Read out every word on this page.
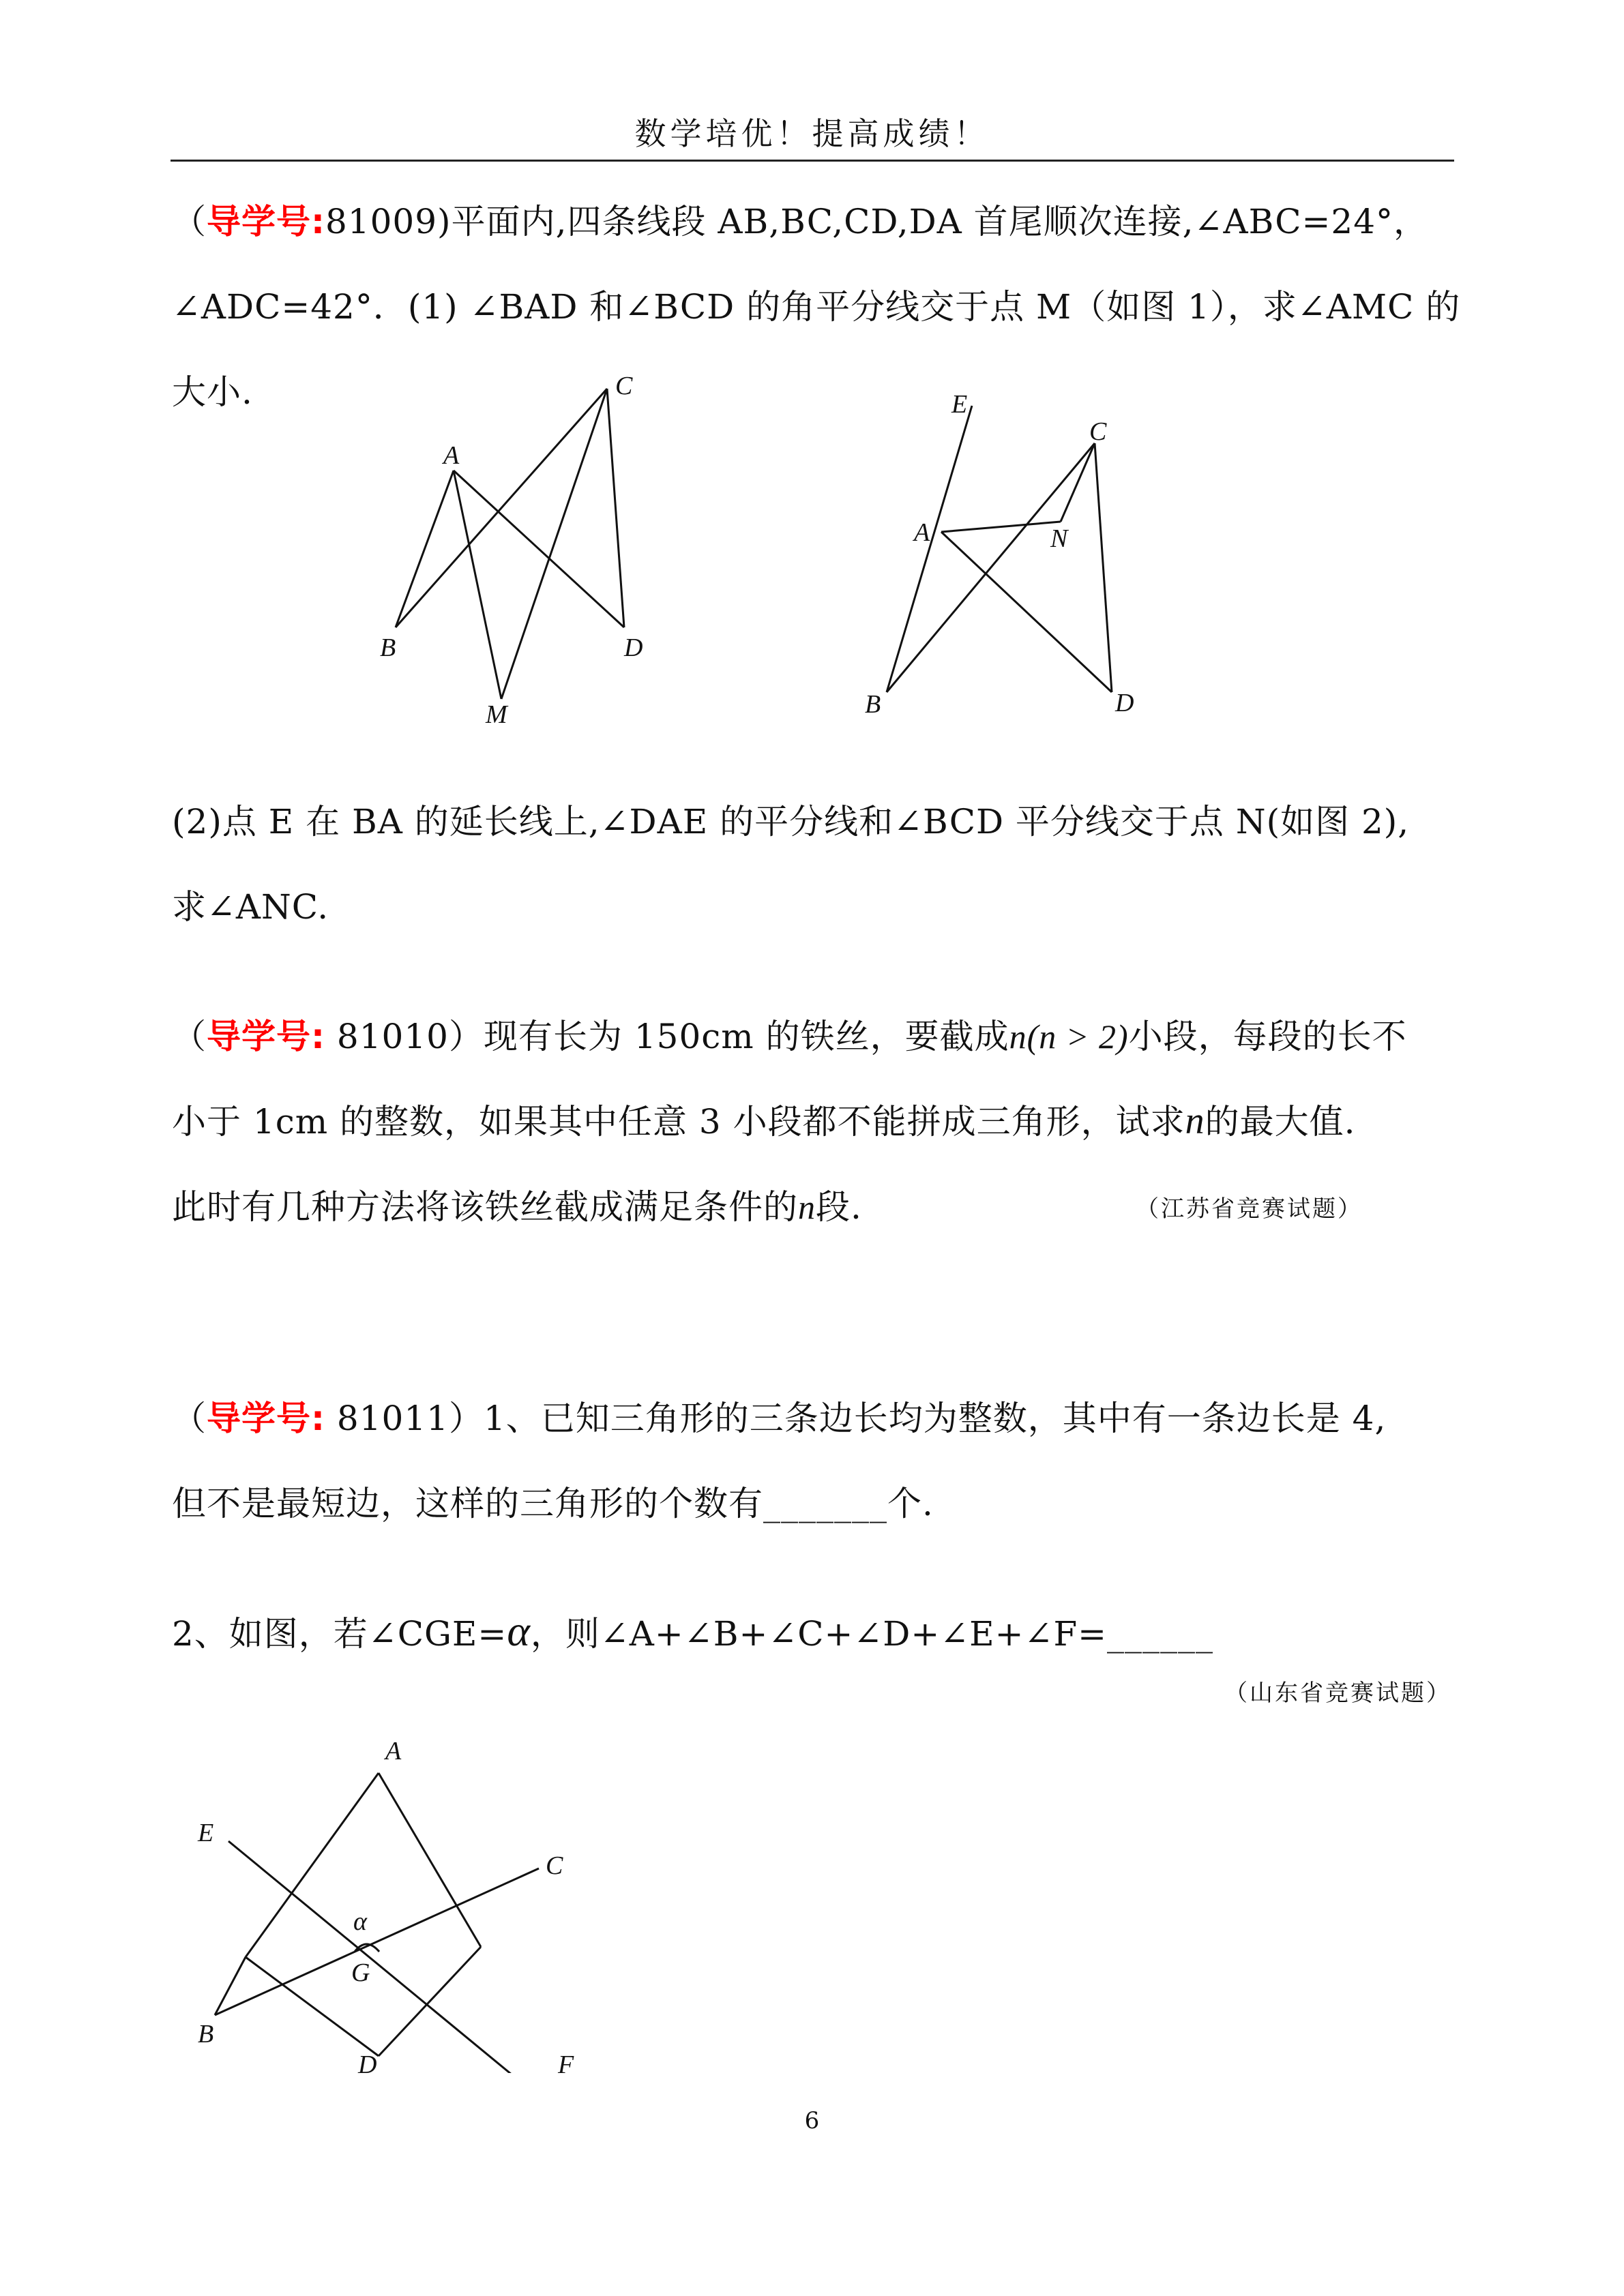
数学培优！提高成绩！
（导学号:81009)平面内,四条线段 AB,BC,CD,DA 首尾顺次连接,∠ABC=24°，
∠ADC=42°．(1) ∠BAD 和∠BCD 的角平分线交于点 M（如图 1），求∠AMC 的
大小.
A
B
C
D
M
E
A
B
C
D
N
(2)点 E 在 BA 的延长线上,∠DAE 的平分线和∠BCD 平分线交于点 N(如图 2),
求∠ANC.
（导学号: 81010）现有长为 150cm 的铁丝，要截成n(n > 2)小段，每段的长不
小于 1cm 的整数，如果其中任意 3 小段都不能拼成三角形，试求n的最大值.
此时有几种方法将该铁丝截成满足条件的n段.	（江苏省竞赛试题）
（导学号: 81011）1、已知三角形的三条边长均为整数，其中有一条边长是 4,
但不是最短边，这样的三角形的个数有_______个.
2、如图，若∠CGE=α，则∠A+∠B+∠C+∠D+∠E+∠F=______
（山东省竞赛试题）
A
E
C
B
α
G
D	F
6
